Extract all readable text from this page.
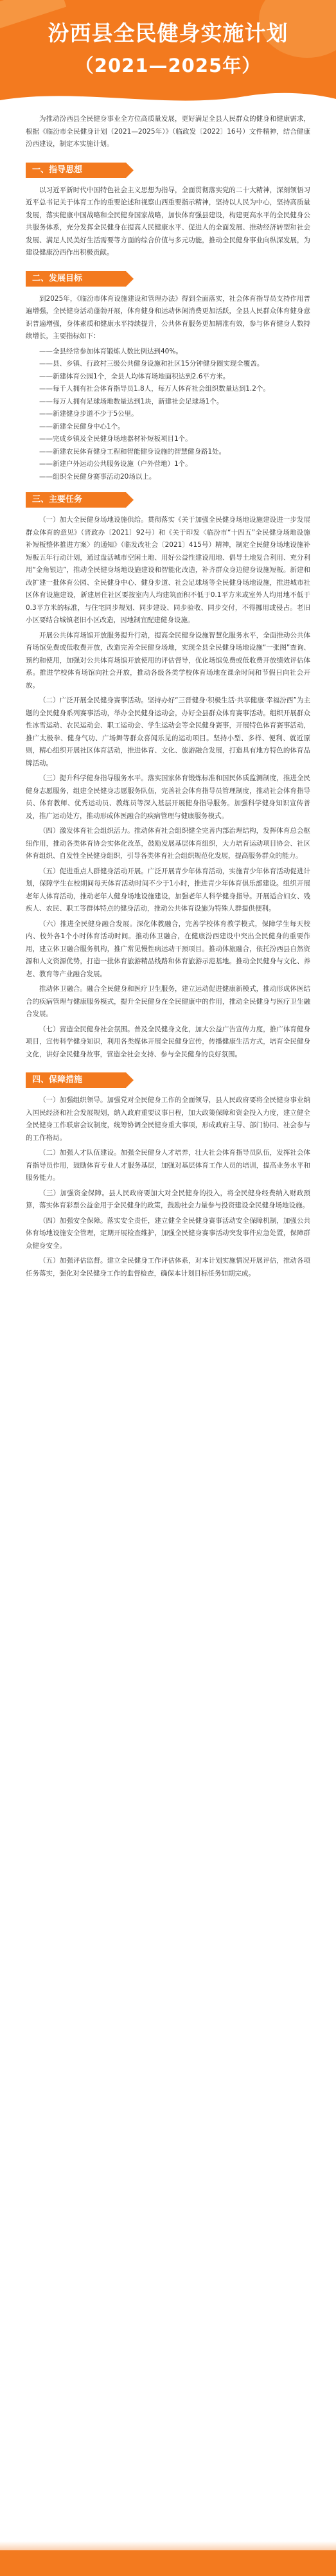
汾西县全民健身实施计划
（2021—2025年）

为推动汾西县全民健身事业全方位高质量发展，更好满足全县人民群众的健身和健康需求，根据《临汾市全民健身计划（2021—2025年）》（临政发〔2022〕16号）文件精神，结合健康汾西建设，制定本实施计划。

一、指导思想

以习近平新时代中国特色社会主义思想为指导，全面贯彻落实党的二十大精神，深刻领悟习近平总书记关于体育工作的重要论述和视察山西重要指示精神，坚持以人民为中心，坚持高质量发展，落实健康中国战略和全民健身国家战略，加快体育强县建设，构建更高水平的全民健身公共服务体系，充分发挥全民健身在提高人民健康水平、促进人的全面发展、推动经济转型和社会发展、满足人民美好生活需要等方面的综合价值与多元功能，推动全民健身事业向纵深发展，为建设健康汾西作出积极贡献。

二、发展目标

到2025年，《临汾市体育设施建设和管理办法》得到全面落实，社会体育指导员支持作用普遍增强，全民健身活动蓬勃开展，体育健身和运动休闲消费更加活跃，全县人民群众体育健身意识普遍增强，身体素质和健康水平持续提升，公共体育服务更加精准有效，参与体育健身人数持续增长，主要指标如下：

——全县经常参加体育锻炼人数比例达到40%。

——县、乡镇、行政村三级公共健身设施和社区15分钟健身圈实现全覆盖。

——新建体育公园1个，全县人均体育场地面积达到2.6平方米。

——每千人拥有社会体育指导员1.8人，每万人体育社会组织数量达到1.2个。

——每万人拥有足球场地数量达到1块，新建社会足球场1个。

——新建健身步道不少于5公里。

——新建全民健身中心1个。

——完成乡镇及全民健身场地器材补短板项目1个。

——新建农民体育健身工程和智能健身设施的智慧健身路1处。

——新建户外运动公共服务设施（户外营地）1个。

——组织全民健身赛事活动20场以上。

三、主要任务

（一）加大全民健身场地设施供给。贯彻落实《关于加强全民健身场地设施建设进一步发展群众体育的意见》（晋政办〔2021〕92号）和《关于印发〈临汾市“十四五”全民健身场地设施补短板整体推进方案〉的通知》（临发改社会〔2021〕415号）精神，制定全民健身场地设施补短板五年行动计划，通过盘活城市空闲土地、用好公益性建设用地、倡导土地复合利用、充分利用“金角银边”，推动全民健身场地设施建设和智能化改造，补齐群众身边健身设施短板。新建和改扩建一批体育公园、全民健身中心、健身步道、社会足球场等全民健身场地设施，推进城市社区体育设施建设，新建居住社区要按室内人均建筑面积不低于0.1平方米或室外人均用地不低于0.3平方米的标准，与住宅同步规划、同步建设、同步验收、同步交付，不得挪用或侵占。老旧小区要结合城镇老旧小区改造，因地制宜配建健身设施。

开展公共体育场馆开放服务提升行动，提高全民健身设施智慧化服务水平，全面推动公共体育场馆免费或低收费开放，改造完善全民健身场地，实现全县全民健身场地设施“一张图”查询、预约和使用，加强对公共体育场馆开放使用的评估督导，优化场馆免费或低收费开放绩效评估体系。推进学校体育场馆向社会开放，推动各级各类学校体育场地在课余时间和节假日向社会开放。

（二）广泛开展全民健身赛事活动。坚持办好“三晋健身·积极生活·共享健康·幸福汾西”为主题的全民健身系列赛事活动，举办全民健身运动会，办好全县群众体育赛事活动。组织开展群众性冰雪运动、农民运动会、职工运动会、学生运动会等全民健身赛事，开展特色体育赛事活动，推广太极拳、健身气功、广场舞等群众喜闻乐见的运动项目。坚持小型、多样、便利、就近原则，精心组织开展社区体育活动，推进体育、文化、旅游融合发展，打造具有地方特色的体育品牌活动。

（三）提升科学健身指导服务水平。落实国家体育锻炼标准和国民体质监测制度，推进全民健身志愿服务，组建全民健身志愿服务队伍，完善社会体育指导员管理制度，推动社会体育指导员、体育教师、优秀运动员、教练员等深入基层开展健身指导服务。加强科学健身知识宣传普及，推广运动处方，推动形成体医融合的疾病管理与健康服务模式。

（四）激发体育社会组织活力。推动体育社会组织健全完善内部治理结构，发挥体育总会枢纽作用，推动各类体育协会实体化改革，鼓励发展基层体育组织，大力培育运动项目协会、社区体育组织、自发性全民健身组织，引导各类体育社会组织规范化发展，提高服务群众的能力。

（五）促进重点人群健身活动开展。广泛开展青少年体育活动，实施青少年体育活动促进计划，保障学生在校期间每天体育活动时间不少于1小时，推进青少年体育俱乐部建设。组织开展老年人体育活动，推动老年人健身场地设施建设，加强老年人科学健身指导。开展适合妇女、残疾人、农民、职工等群体特点的健身活动，推动公共体育设施为特殊人群提供便利。

（六）推进全民健身融合发展。深化体教融合，完善学校体育教学模式，保障学生每天校内、校外各1个小时体育活动时间。推动体卫融合，在健康汾西建设中突出全民健身的重要作用，建立体卫融合服务机构，推广常见慢性病运动干预项目。推动体旅融合，依托汾西县自然资源和人文资源优势，打造一批体育旅游精品线路和体育旅游示范基地。推动全民健身与文化、养老、教育等产业融合发展。

推动体卫融合。融合全民健身和医疗卫生服务，建立运动促进健康新模式，推动形成体医结合的疾病管理与健康服务模式，提升全民健身在全民健康中的作用，推动全民健身与医疗卫生融合发展。

（七）营造全民健身社会氛围。普及全民健身文化，加大公益广告宣传力度，推广体育健身项目，宣传科学健身知识，利用各类媒体开展全民健身宣传，传播健康生活方式，培育全民健身文化，讲好全民健身故事，营造全社会支持、参与全民健身的良好氛围。

四、保障措施

（一）加强组织领导。加强党对全民健身工作的全面领导，县人民政府要将全民健身事业纳入国民经济和社会发展规划，纳入政府重要议事日程，加大政策保障和资金投入力度，建立健全全民健身工作联席会议制度，统筹协调全民健身重大事项，形成政府主导、部门协同、社会参与的工作格局。

（二）加强人才队伍建设。加强全民健身人才培养，壮大社会体育指导员队伍，发挥社会体育指导员作用，鼓励体育专业人才服务基层，加强对基层体育工作人员的培训，提高业务水平和服务能力。

（三）加强资金保障。县人民政府要加大对全民健身的投入，将全民健身经费纳入财政预算，落实体育彩票公益金用于全民健身的政策，鼓励社会力量参与投资建设全民健身场地设施。

（四）加强安全保障。落实安全责任，建立健全全民健身赛事活动安全保障机制，加强公共体育场地设施安全管理，定期开展检查维护，加强全民健身赛事活动突发事件应急处置，保障群众健身安全。

（五）加强评估监督。建立全民健身工作评估体系，对本计划实施情况开展评估，推动各项任务落实，强化对全民健身工作的监督检查，确保本计划目标任务如期完成。
